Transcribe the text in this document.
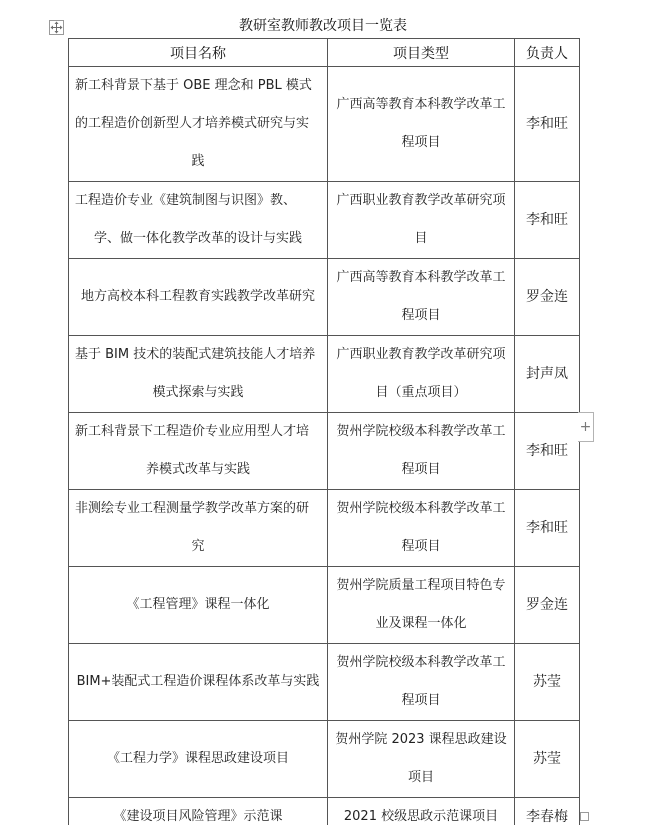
教研室教师教改项目一览表
项目名称	项目类型	负责人

新工科背景下基于 OBE 理念和 PBL 模式的工程造价创新型人才培养模式研究与实践	广西高等教育本科教学改革工程项目	李和旺

工程造价专业《建筑制图与识图》教、学、做一体化教学改革的设计与实践	广西职业教育教学改革研究项目	李和旺

地方高校本科工程教育实践教学改革研究	广西高等教育本科教学改革工程项目	罗金连

基于 BIM 技术的装配式建筑技能人才培养模式探索与实践	广西职业教育教学改革研究项目（重点项目）	封声凤

新工科背景下工程造价专业应用型人才培养模式改革与实践	贺州学院校级本科教学改革工程项目	李和旺

非测绘专业工程测量学教学改革方案的研究	贺州学院校级本科教学改革工程项目	李和旺

《工程管理》课程一体化	贺州学院质量工程项目特色专业及课程一体化	罗金连

BIM+装配式工程造价课程体系改革与实践	贺州学院校级本科教学改革工程项目	苏莹

《工程力学》课程思政建设项目	贺州学院 2023 课程思政建设项目	苏莹

《建设项目风险管理》示范课	2021 校级思政示范课项目	李春梅
+
